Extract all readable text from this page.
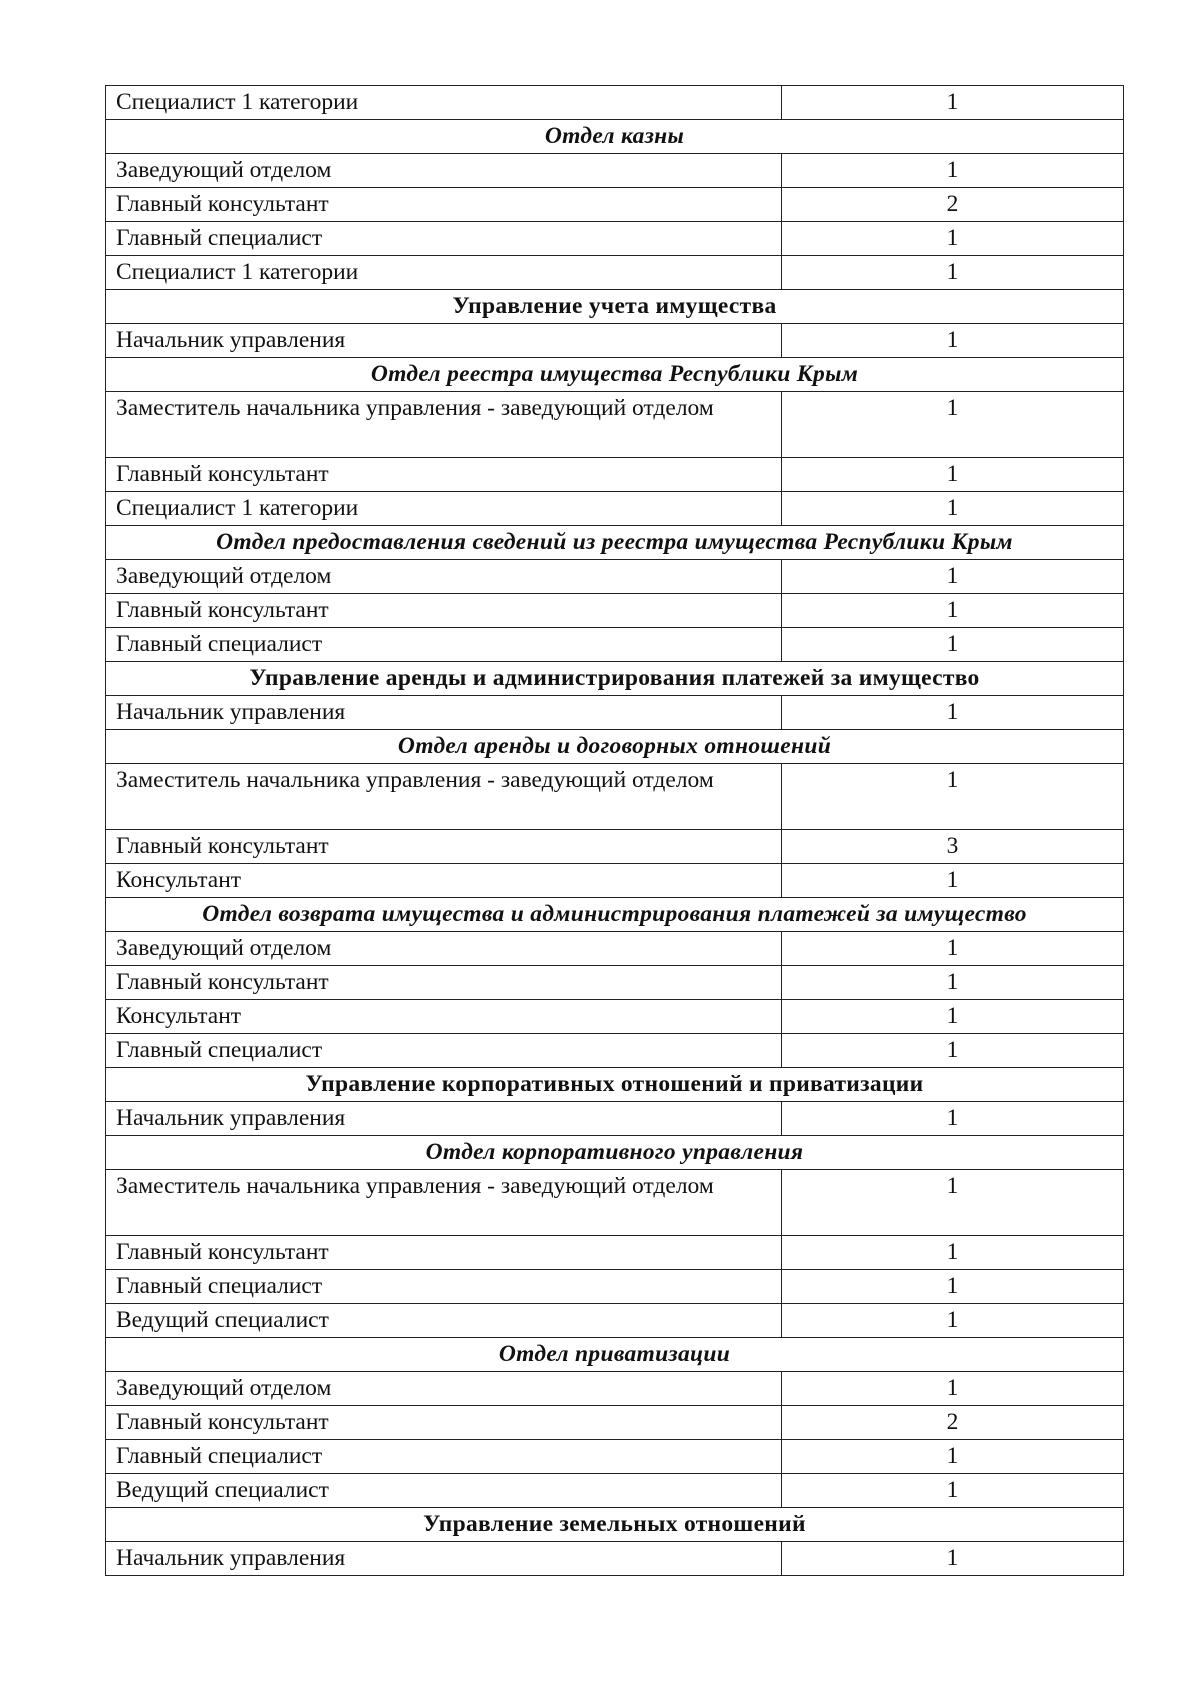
Специалист 1 категории	1
Отдел казны	
Заведующий отделом	1
Главный консультант	2
Главный специалист	1
Специалист 1 категории	1
Управление учета имущества	
Начальник управления	1
Отдел реестра имущества Республики Крым	
Заместитель начальника управления - заведующий отделом	1
Главный консультант	1
Специалист 1 категории	1
Отдел предоставления сведений из реестра имущества Республики Крым	
Заведующий отделом	1
Главный консультант	1
Главный специалист	1
Управление аренды и администрирования платежей за имущество	
Начальник управления	1
Отдел аренды и договорных отношений	
Заместитель начальника управления - заведующий отделом	1
Главный консультант	3
Консультант	1
Отдел возврата имущества и администрирования платежей за имущество	
Заведующий отделом	1
Главный консультант	1
Консультант	1
Главный специалист	1
Управление корпоративных отношений и приватизации	
Начальник управления	1
Отдел корпоративного управления	
Заместитель начальника управления - заведующий отделом	1
Главный консультант	1
Главный специалист	1
Ведущий специалист	1
Отдел приватизации	
Заведующий отделом	1
Главный консультант	2
Главный специалист	1
Ведущий специалист	1
Управление земельных отношений	
Начальник управления	1
